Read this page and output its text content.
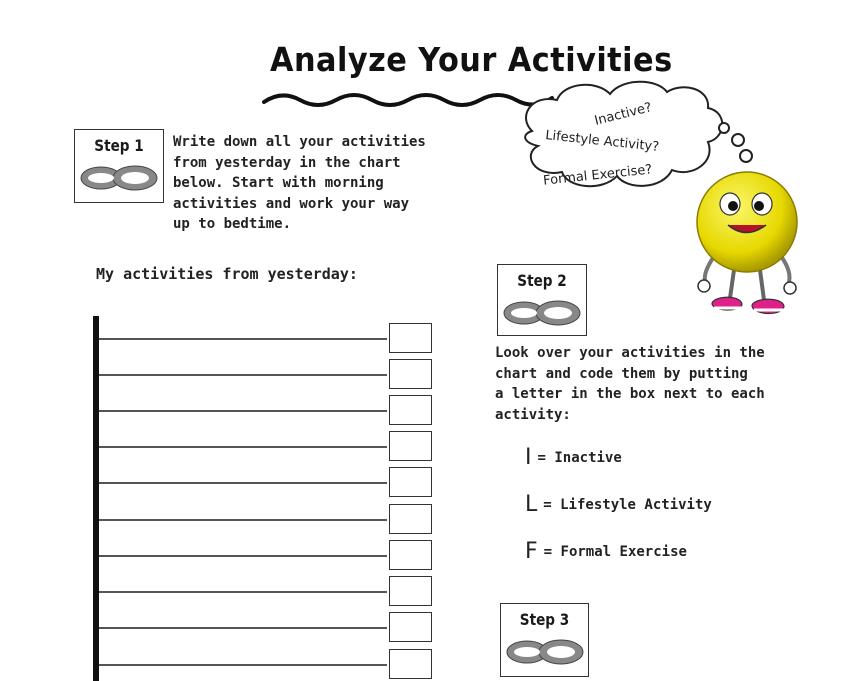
Analyze Your Activities
Step 1	Write down all your activities
from yesterday in the chart
below. Start with morning
activities and work your way
up to bedtime.
My activities from yesterday:
Inactive?
Lifestyle Activity?
Formal Exercise?
Step 2
Look over your activities in the
chart and code them by putting
a letter in the box next to each
activity:
I = Inactive
L = Lifestyle Activity
F = Formal Exercise
Step 3
